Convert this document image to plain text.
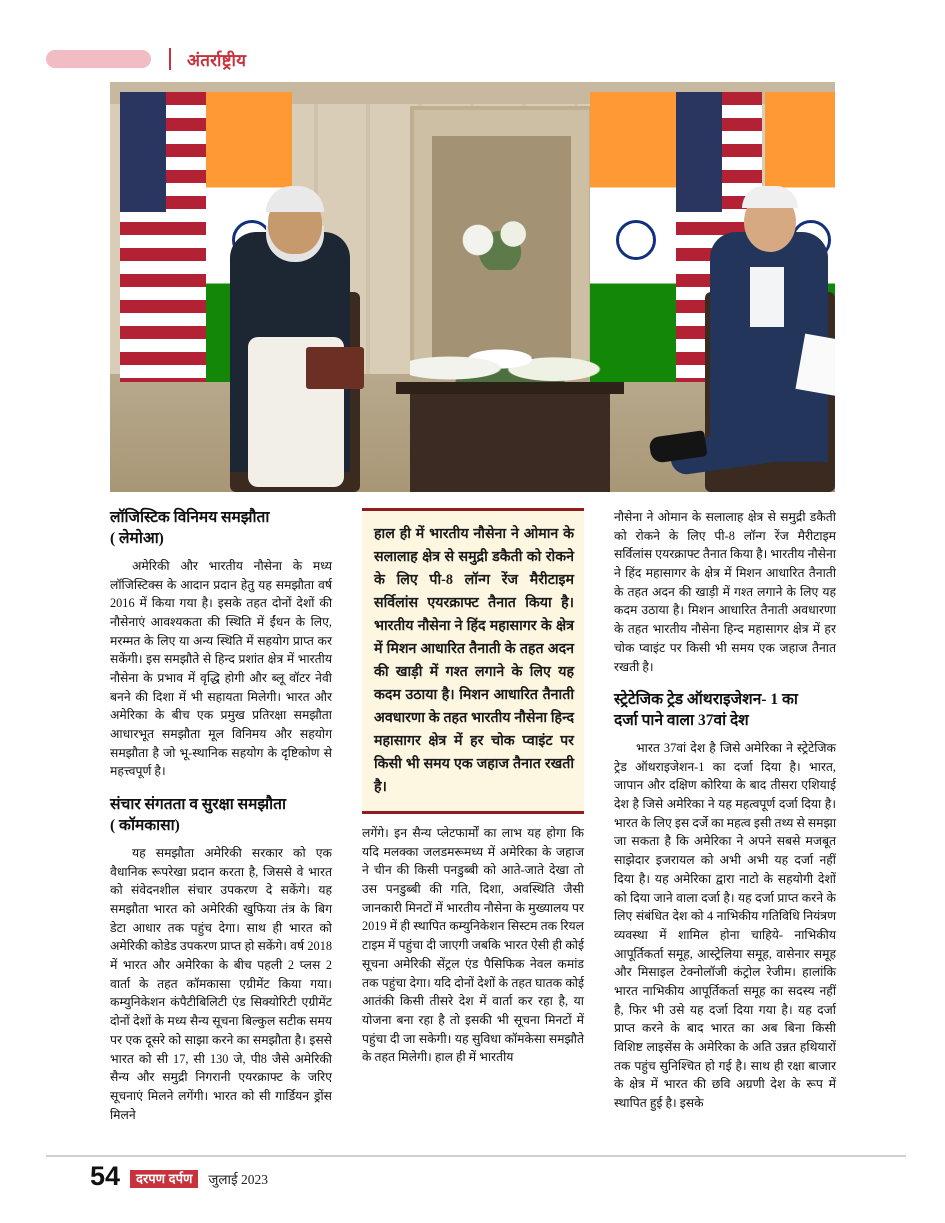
अंतर्राष्ट्रीय
लॉजिस्टिक विनिमय समझौता
( लेमोआ)

अमेरिकी और भारतीय नौसेना के मध्य लॉजिस्टिक्स के आदान प्रदान हेतु यह समझौता वर्ष 2016 में किया गया है। इसके तहत दोनों देशों की नौसेनाएं आवश्यकता की स्थिति में ईंधन के लिए, मरम्मत के लिए या अन्य स्थिति में सहयोग प्राप्त कर सकेंगी। इस समझौते से हिन्द प्रशांत क्षेत्र में भारतीय नौसेना के प्रभाव में वृद्धि होगी और ब्लू वॉटर नेवी बनने की दिशा में भी सहायता मिलेगी। भारत और अमेरिका के बीच एक प्रमुख प्रतिरक्षा समझौता आधारभूत समझौता मूल विनिमय और सहयोग समझौता है जो भू-स्थानिक सहयोग के दृष्टिकोण से महत्त्वपूर्ण है।

संचार संगतता व सुरक्षा समझौता
( कॉमकासा)

यह समझौता अमेरिकी सरकार को एक वैधानिक रूपरेखा प्रदान करता है, जिससे वे भारत को संवेदनशील संचार उपकरण दे सकेंगे। यह समझौता भारत को अमेरिकी खुफिया तंत्र के बिग डेटा आधार तक पहुंच देगा। साथ ही भारत को अमेरिकी कोडेड उपकरण प्राप्त हो सकेंगे। वर्ष 2018 में भारत और अमेरिका के बीच पहली 2 प्लस 2 वार्ता के तहत कॉमकासा एग्रीमेंट किया गया। कम्युनिकेशन कंपैटीबिलिटी एंड सिक्योरिटी एग्रीमेंट दोनों देशों के मध्य सैन्य सूचना बिल्कुल सटीक समय पर एक दूसरे को साझा करने का समझौता है। इससे भारत को सी 17, सी 130 जे, पी8 जैसे अमेरिकी सैन्य और समुद्री निगरानी एयरक्राफ्ट के जरिए सूचनाएं मिलने लगेंगी। भारत को सी गार्डियन ड्रोंस मिलने

हाल ही में भारतीय नौसेना ने ओमान के सलालाह क्षेत्र से समुद्री डकैती को रोकने के लिए पी-8 लॉन्ग रेंज मैरीटाइम सर्विलांस एयरक्राफ्ट तैनात किया है। भारतीय नौसेना ने हिंद महासागर के क्षेत्र में मिशन आधारित तैनाती के तहत अदन की खाड़ी में गश्त लगाने के लिए यह कदम उठाया है। मिशन आधारित तैनाती अवधारणा के तहत भारतीय नौसेना हिन्द महासागर क्षेत्र में हर चोक प्वाइंट पर किसी भी समय एक जहाज तैनात रखती है।

लगेंगे। इन सैन्य प्लेटफार्मों का लाभ यह होगा कि यदि मलक्का जलडमरूमध्य में अमेरिका के जहाज ने चीन की किसी पनडुब्बी को आते-जाते देखा तो उस पनडुब्बी की गति, दिशा, अवस्थिति जैसी जानकारी मिनटों में भारतीय नौसेना के मुख्यालय पर 2019 में ही स्थापित कम्युनिकेशन सिस्टम तक रियल टाइम में पहुंचा दी जाएगी जबकि भारत ऐसी ही कोई सूचना अमेरिकी सेंट्रल एंड पैसिफिक नेवल कमांड तक पहुंचा देगा। यदि दोनों देशों के तहत घातक कोई आतंकी किसी तीसरे देश में वार्ता कर रहा है, या योजना बना रहा है तो इसकी भी सूचना मिनटों में पहुंचा दी जा सकेगी। यह सुविधा कॉमकेसा समझौते के तहत मिलेगी। हाल ही में भारतीय

नौसेना ने ओमान के सलालाह क्षेत्र से समुद्री डकैती को रोकने के लिए पी-8 लॉन्ग रेंज मैरीटाइम सर्विलांस एयरक्राफ्ट तैनात किया है। भारतीय नौसेना ने हिंद महासागर के क्षेत्र में मिशन आधारित तैनाती के तहत अदन की खाड़ी में गश्त लगाने के लिए यह कदम उठाया है। मिशन आधारित तैनाती अवधारणा के तहत भारतीय नौसेना हिन्द महासागर क्षेत्र में हर चोक प्वाइंट पर किसी भी समय एक जहाज तैनात रखती है।

स्ट्रेटेजिक ट्रेड ऑथराइजेशन- 1 का
दर्जा पाने वाला 37वां देश

भारत 37वां देश है जिसे अमेरिका ने स्ट्रेटेजिक ट्रेड ऑथराइजेशन-1 का दर्जा दिया है। भारत, जापान और दक्षिण कोरिया के बाद तीसरा एशियाई देश है जिसे अमेरिका ने यह महत्वपूर्ण दर्जा दिया है। भारत के लिए इस दर्जे का महत्व इसी तथ्य से समझा जा सकता है कि अमेरिका ने अपने सबसे मजबूत साझेदार इजरायल को अभी अभी यह दर्जा नहीं दिया है। यह अमेरिका द्वारा नाटो के सहयोगी देशों को दिया जाने वाला दर्जा है। यह दर्जा प्राप्त करने के लिए संबंधित देश को 4 नाभिकीय गतिविधि नियंत्रण व्यवस्था में शामिल होना चाहिये- नाभिकीय आपूर्तिकर्ता समूह, आस्ट्रेलिया समूह, वासेनार समूह और मिसाइल टेक्नोलॉजी कंट्रोल रेजीम। हालांकि भारत नाभिकीय आपूर्तिकर्ता समूह का सदस्य नहीं है, फिर भी उसे यह दर्जा दिया गया है। यह दर्जा प्राप्त करने के बाद भारत का अब बिना किसी विशिष्ट लाइसेंस के अमेरिका के अति उन्नत हथियारों तक पहुंच सुनिश्चित हो गई है। साथ ही रक्षा बाजार के क्षेत्र में भारत की छवि अग्रणी देश के रूप में स्थापित हुई है। इसके

54	दरपण दर्पण	जुलाई 2023
